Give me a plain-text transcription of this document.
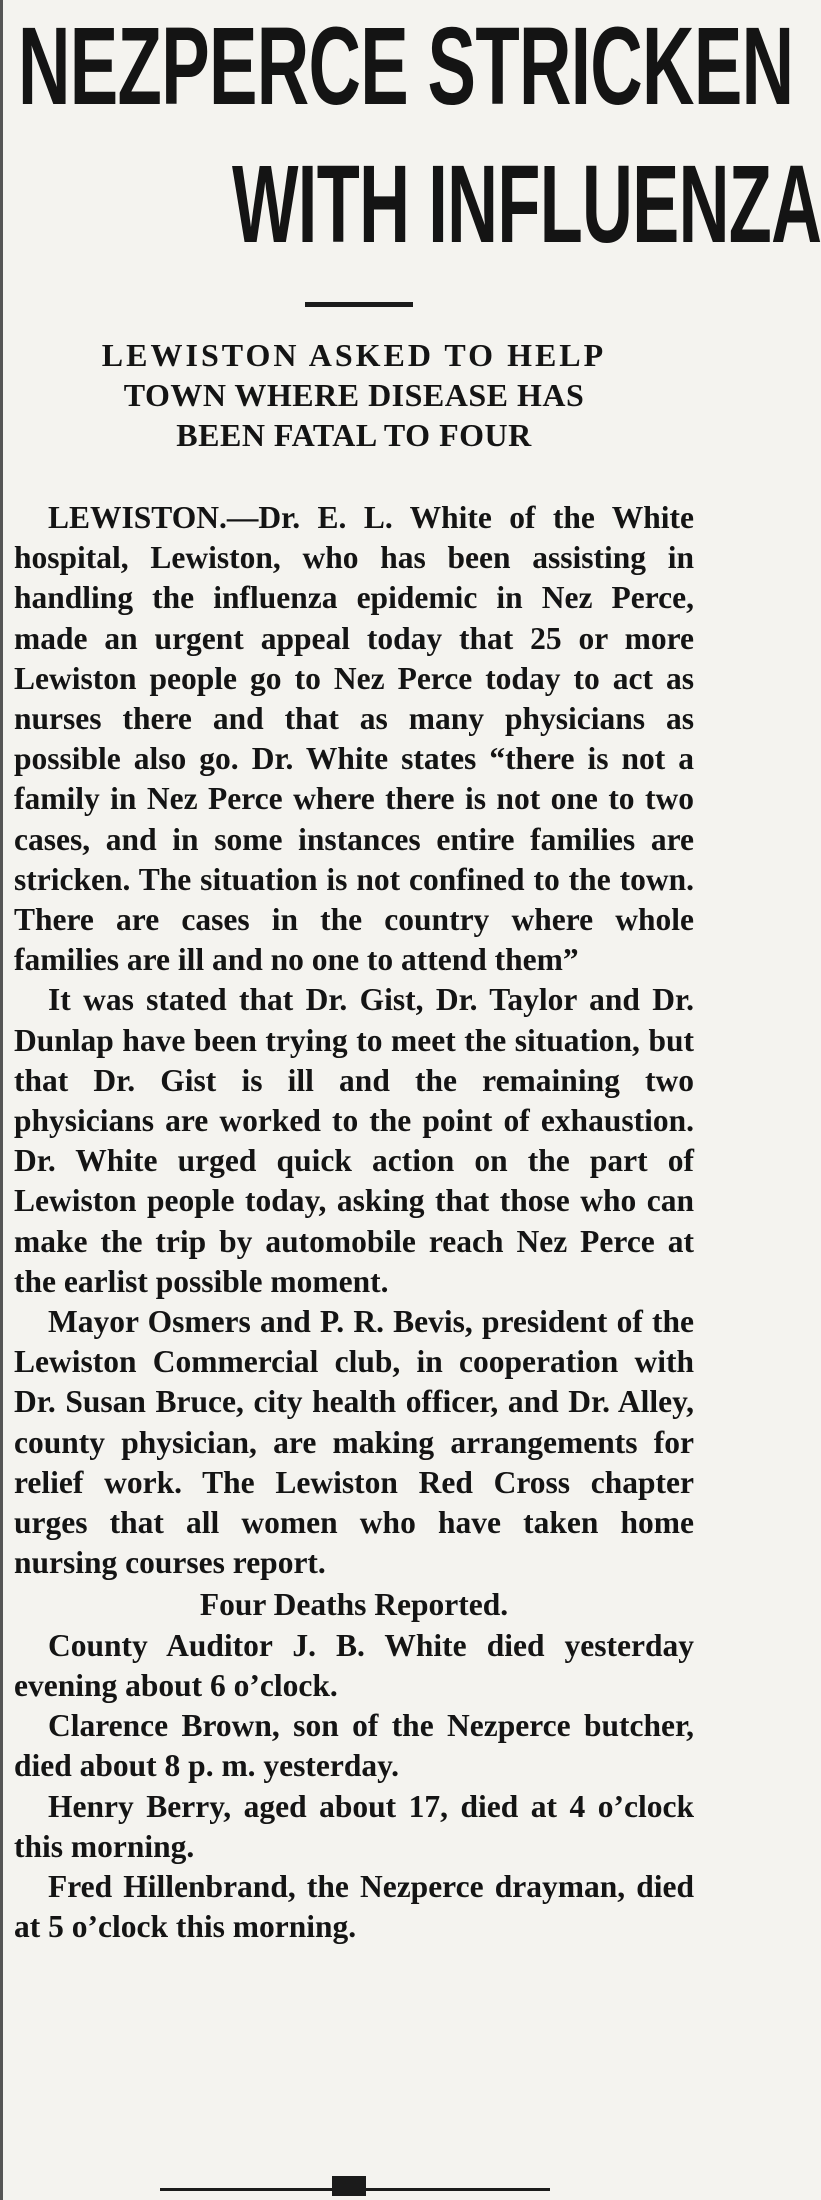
NEZPERCE STRICKEN
WITH INFLUENZA
LEWISTON ASKED TO HELP
TOWN WHERE DISEASE HAS
BEEN FATAL TO FOUR

LEWISTON.—Dr. E. L. White of the White hospital, Lewiston, who has been assisting in handling the influenza epidemic in Nez Perce, made an urgent appeal today that 25 or more Lewiston people go to Nez Perce today to act as nurses there and that as many physicians as possible also go. Dr. White states “there is not a family in Nez Perce where there is not one to two cases, and in some instances entire families are stricken. The situation is not confined to the town. There are cases in the country where whole families are ill and no one to attend them”

It was stated that Dr. Gist, Dr. Taylor and Dr. Dunlap have been trying to meet the situation, but that Dr. Gist is ill and the remaining two physicians are worked to the point of exhaustion. Dr. White urged quick action on the part of Lewiston people today, asking that those who can make the trip by automobile reach Nez Perce at the earlist possible moment.

Mayor Osmers and P. R. Bevis, president of the Lewiston Commercial club, in cooperation with Dr. Susan Bruce, city health officer, and Dr. Alley, county physician, are making arrangements for relief work. The Lewiston Red Cross chapter urges that all women who have taken home nursing courses report.

Four Deaths Reported.

County Auditor J. B. White died yesterday evening about 6 o’clock.

Clarence Brown, son of the Nezperce butcher, died about 8 p. m. yesterday.

Henry Berry, aged about 17, died at 4 o’clock this morning.

Fred Hillenbrand, the Nezperce drayman, died at 5 o’clock this morning.
